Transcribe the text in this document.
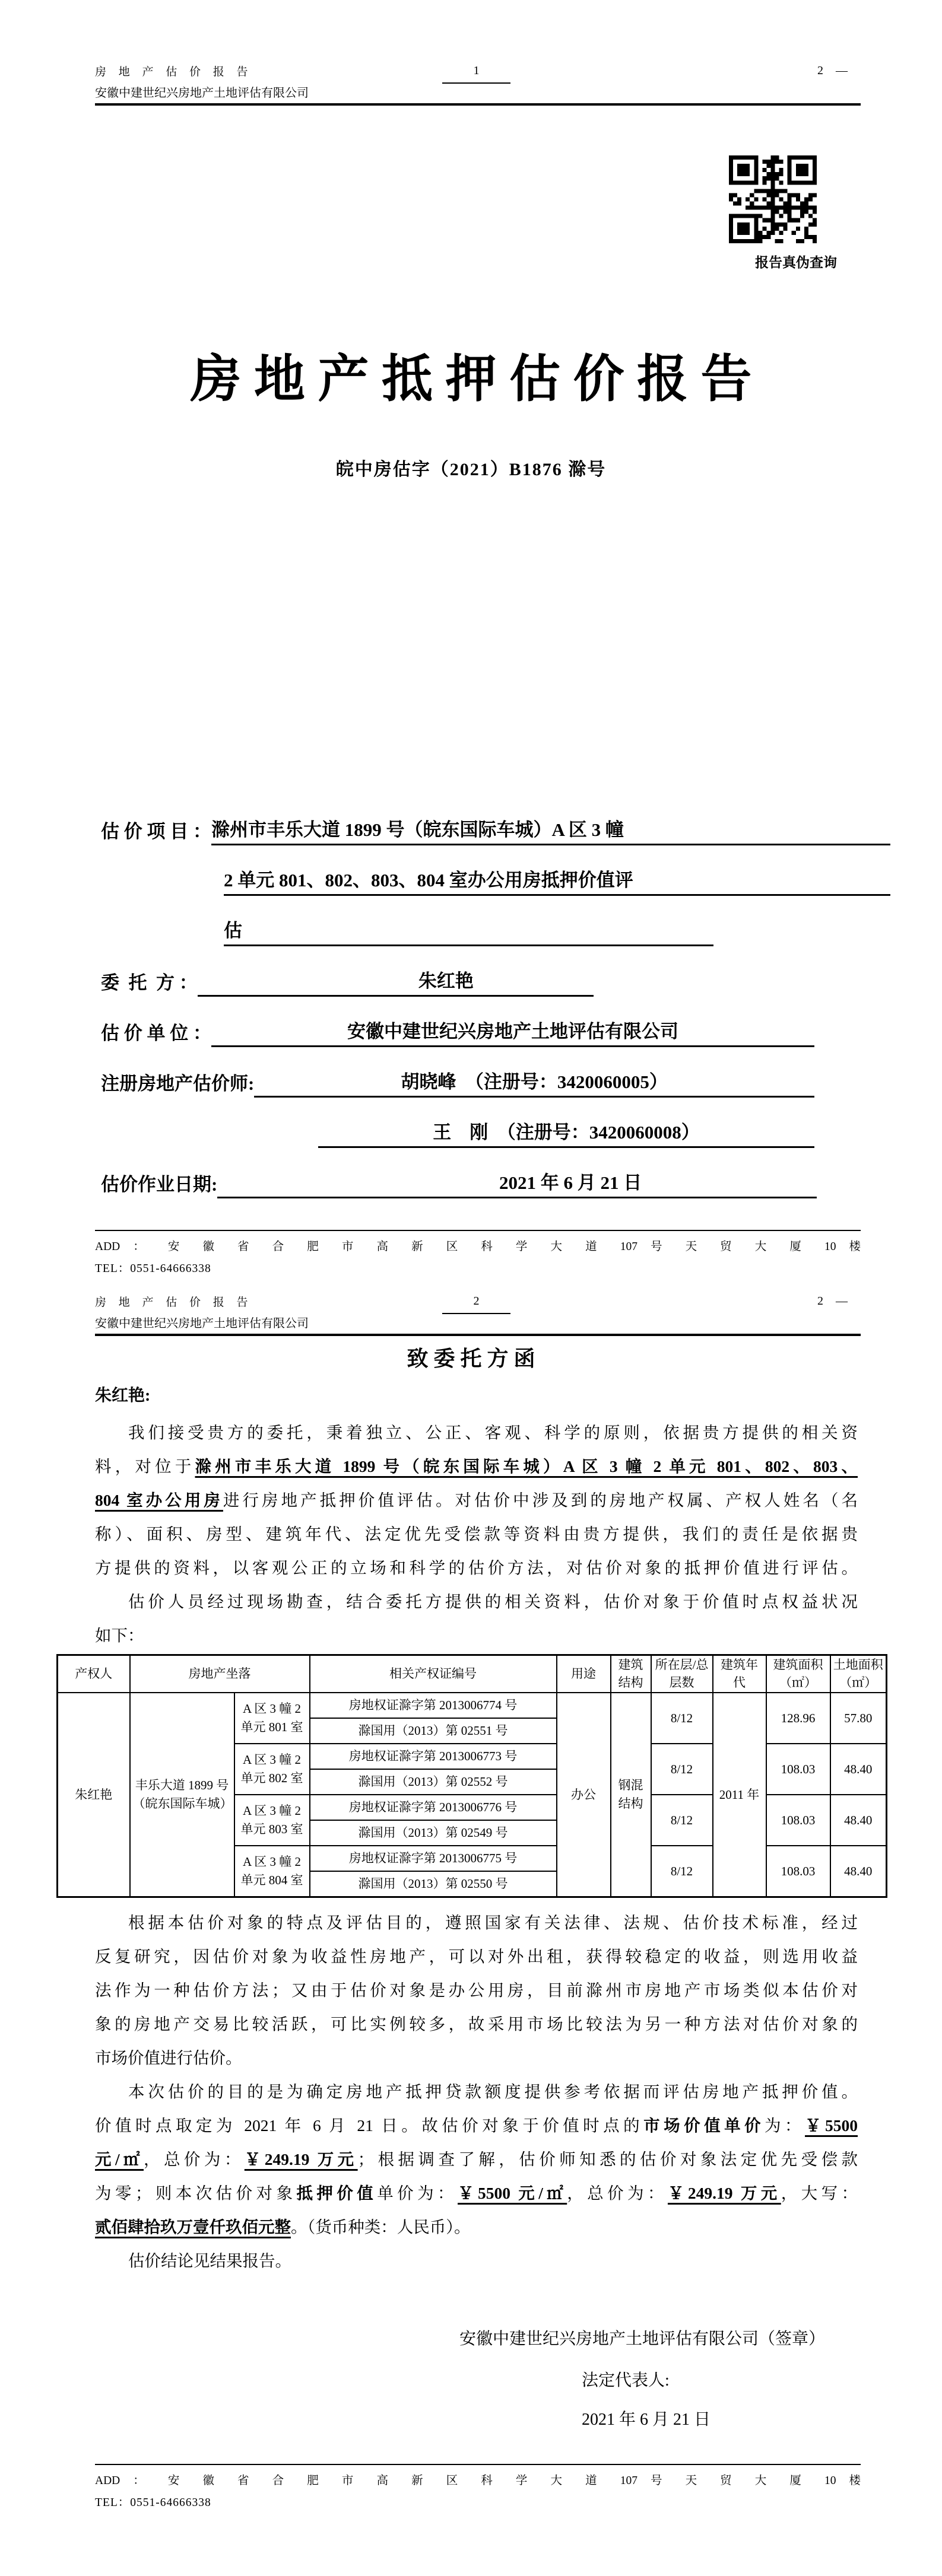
房 地 产 估 价 报 告
安徽中建世纪兴房地产土地评估有限公司
1	2 —
报告真伪查询
房 地 产 抵 押 估 价 报 告
皖中房估字（2021）B1876 滁号
估 价 项 目 ： 滁州市丰乐大道 1899 号（皖东国际车城）A 区 3 幢
2 单元 801、802、803、804 室办公用房抵押价值评
估
委  托  方 ：	朱红艳
估 价 单 位 ：	安徽中建世纪兴房地产土地评估有限公司
注册房地产估价师:	胡晓峰　（注册号：3420060005）
王　刚　（注册号：3420060008）
估价作业日期:	2021 年 6 月 21 日
ADD ： 安 徽 省 合 肥 市 高 新 区 科 学 大 道 107 号 天 贸 大 厦 10 楼
TEL：0551-64666338
房 地 产 估 价 报 告
安徽中建世纪兴房地产土地评估有限公司
2	2 —
致 委 托 方 函
朱红艳:
我们接受贵方的委托，秉着独立、公正、客观、科学的原则，依据贵方提供的相关资
料，对位于滁州市丰乐大道 1899 号（皖东国际车城）A 区 3 幢 2 单元 801、802、803、
804 室办公用房进行房地产抵押价值评估。对估价中涉及到的房地产权属、产权人姓名（名
称）、面积、房型、建筑年代、法定优先受偿款等资料由贵方提供，我们的责任是依据贵
方提供的资料，以客观公正的立场和科学的估价方法，对估价对象的抵押价值进行评估。
估价人员经过现场勘查，结合委托方提供的相关资料，估价对象于价值时点权益状况
如下：
产权人	房地产坐落		相关产权证编号	用途	建筑结构	所在层/总层数	建筑年代	建筑面积（㎡）	土地面积（㎡）
朱红艳	丰乐大道 1899 号（皖东国际车城）	A 区 3 幢 2 单元 801 室	房地权证滁字第 2013006774 号	办公	钢混结构	8/12	2011 年	128.96	57.80
			滁国用（2013）第 02551 号						
		A 区 3 幢 2 单元 802 室	房地权证滁字第 2013006773 号			8/12		108.03	48.40
			滁国用（2013）第 02552 号						
		A 区 3 幢 2 单元 803 室	房地权证滁字第 2013006776 号			8/12		108.03	48.40
			滁国用（2013）第 02549 号						
		A 区 3 幢 2 单元 804 室	房地权证滁字第 2013006775 号			8/12		108.03	48.40
			滁国用（2013）第 02550 号						
根据本估价对象的特点及评估目的，遵照国家有关法律、法规、估价技术标准，经过
反复研究，因估价对象为收益性房地产，可以对外出租，获得较稳定的收益，则选用收益
法作为一种估价方法；又由于估价对象是办公用房，目前滁州市房地产市场类似本估价对
象的房地产交易比较活跃，可比实例较多，故采用市场比较法为另一种方法对估价对象的
市场价值进行估价。
本次估价的目的是为确定房地产抵押贷款额度提供参考依据而评估房地产抵押价值。
价值时点取定为 2021 年 6 月 21 日。故估价对象于价值时点的市场价值单价为：￥5500
元/㎡，总价为：￥249.19 万元；根据调查了解，估价师知悉的估价对象法定优先受偿款
为零；则本次估价对象抵押价值单价为：￥5500 元/㎡，总价为：￥249.19 万元，大写：
贰佰肆拾玖万壹仟玖佰元整。（货币种类：人民币）。
估价结论见结果报告。
安徽中建世纪兴房地产土地评估有限公司（签章）
法定代表人:
2021 年 6 月 21 日
ADD ： 安 徽 省 合 肥 市 高 新 区 科 学 大 道 107 号 天 贸 大 厦 10 楼
TEL：0551-64666338
